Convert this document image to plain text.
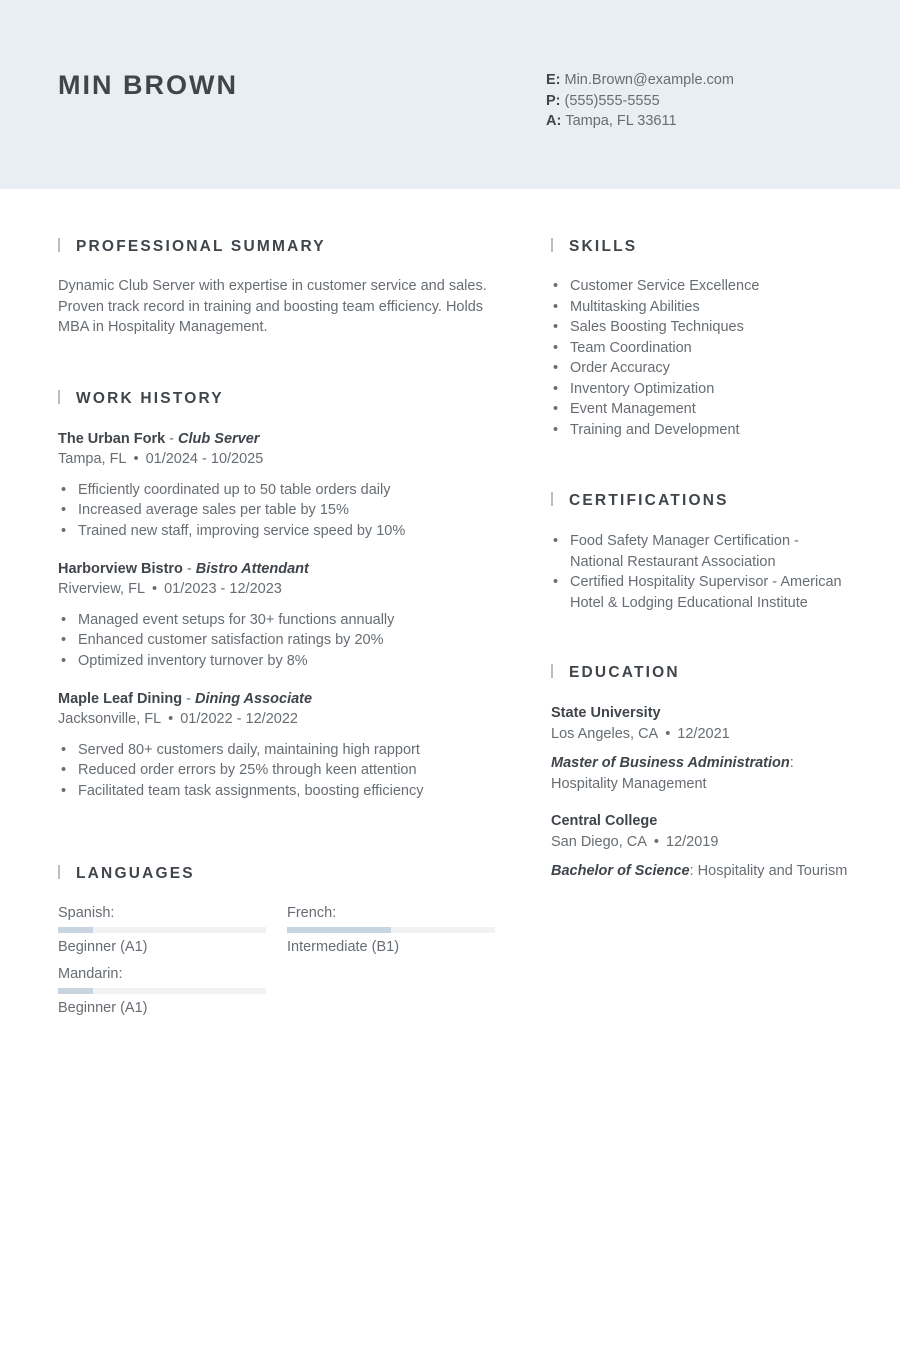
MIN BROWN	E: Min.Brown@example.com
P: (555)555-5555
A: Tampa, FL 33611
PROFESSIONAL SUMMARY
Dynamic Club Server with expertise in customer service and sales. Proven track record in training and boosting team efficiency. Holds MBA in Hospitality Management.
WORK HISTORY
The Urban Fork - Club Server
Tampa, FL • 01/2024 - 10/2025
• Efficiently coordinated up to 50 table orders daily
• Increased average sales per table by 15%
• Trained new staff, improving service speed by 10%
Harborview Bistro - Bistro Attendant
Riverview, FL • 01/2023 - 12/2023
• Managed event setups for 30+ functions annually
• Enhanced customer satisfaction ratings by 20%
• Optimized inventory turnover by 8%
Maple Leaf Dining - Dining Associate
Jacksonville, FL • 01/2022 - 12/2022
• Served 80+ customers daily, maintaining high rapport
• Reduced order errors by 25% through keen attention
• Facilitated team task assignments, boosting efficiency
LANGUAGES
Spanish:
Beginner (A1)
French:
Intermediate (B1)
Mandarin:
Beginner (A1)
SKILLS
• Customer Service Excellence
• Multitasking Abilities
• Sales Boosting Techniques
• Team Coordination
• Order Accuracy
• Inventory Optimization
• Event Management
• Training and Development
CERTIFICATIONS
• Food Safety Manager Certification - National Restaurant Association
• Certified Hospitality Supervisor - American Hotel & Lodging Educational Institute
EDUCATION
State University
Los Angeles, CA • 12/2021
Master of Business Administration: Hospitality Management
Central College
San Diego, CA • 12/2019
Bachelor of Science: Hospitality and Tourism
